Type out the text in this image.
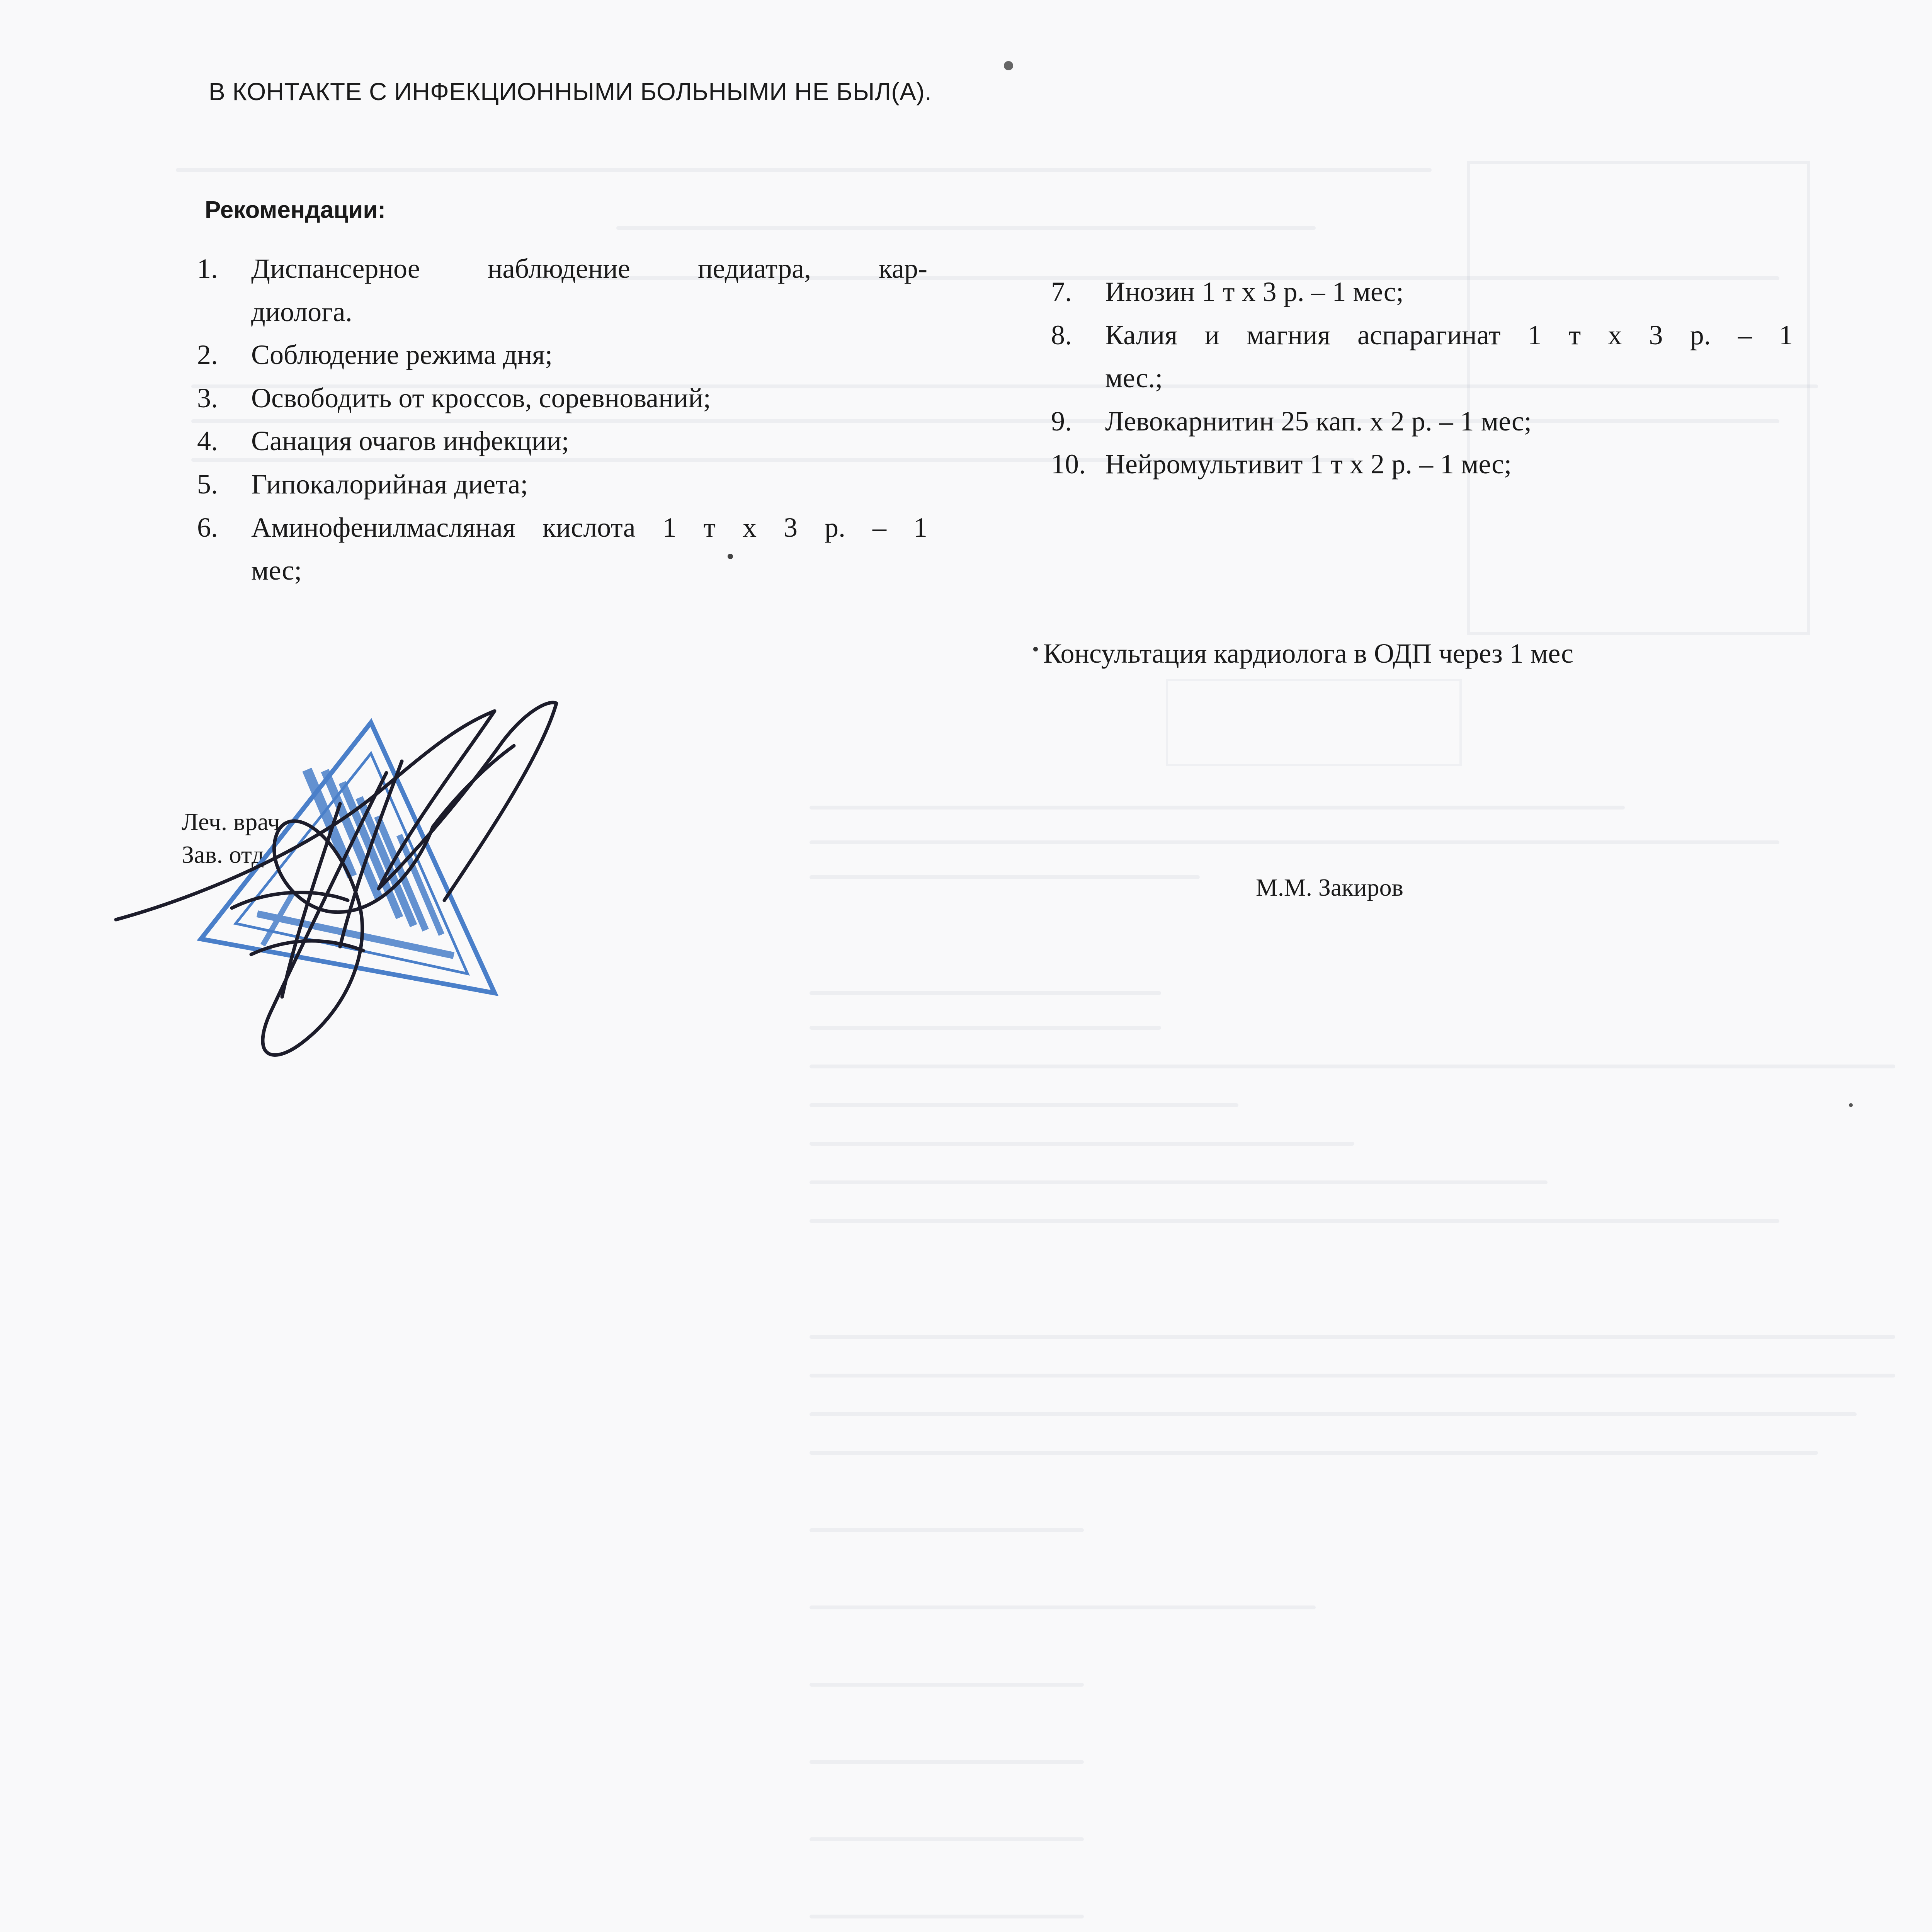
В КОНТАКТЕ С ИНФЕКЦИОННЫМИ БОЛЬНЫМИ НЕ БЫЛ(А).
Рекомендации:
1. Диспансерное наблюдение педиатра, кар-
диолога.
2. Соблюдение режима дня;
3. Освободить от кроссов, соревнований;
4. Санация очагов инфекции;
5. Гипокалорийная диета;
6. Аминофенилмасляная кислота 1 т х 3 р. – 1
мес;
7. Инозин 1 т х 3 р. – 1 мес;
8. Калия и магния аспарагинат 1 т х 3 р. – 1
мес.;
9. Левокарнитин 25 кап. х 2 р. – 1 мес;
10. Нейромультивит 1 т х 2 р. – 1 мес;
Консультация кардиолога в ОДП через 1 мес
Леч. врач
Зав. отд.
М.М. Закиров
